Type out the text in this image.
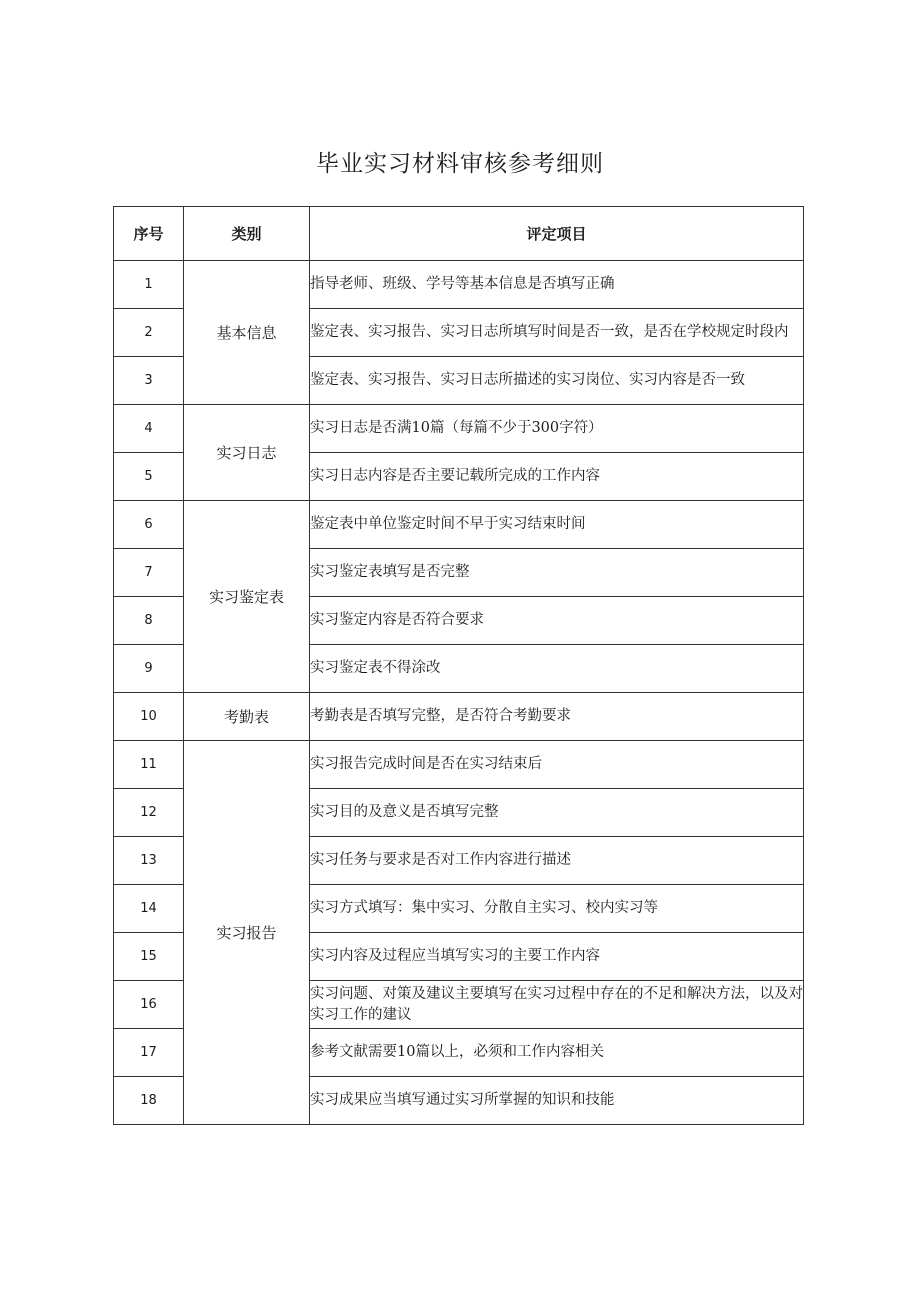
毕业实习材料审核参考细则
序号	类别	评定项目
1	基本信息	指导老师、班级、学号等基本信息是否填写正确
2		鉴定表、实习报告、实习日志所填写时间是否一致，是否在学校规定时段内
3		鉴定表、实习报告、实习日志所描述的实习岗位、实习内容是否一致
4	实习日志	实习日志是否满10篇（每篇不少于300字符）
5		实习日志内容是否主要记载所完成的工作内容
6	实习鉴定表	鉴定表中单位鉴定时间不早于实习结束时间
7		实习鉴定表填写是否完整
8		实习鉴定内容是否符合要求
9		实习鉴定表不得涂改
10	考勤表	考勤表是否填写完整，是否符合考勤要求
11	实习报告	实习报告完成时间是否在实习结束后
12		实习目的及意义是否填写完整
13		实习任务与要求是否对工作内容进行描述
14		实习方式填写：集中实习、分散自主实习、校内实习等
15		实习内容及过程应当填写实习的主要工作内容
16		实习问题、对策及建议主要填写在实习过程中存在的不足和解决方法，以及对实习工作的建议
17		参考文献需要10篇以上，必须和工作内容相关
18		实习成果应当填写通过实习所掌握的知识和技能
